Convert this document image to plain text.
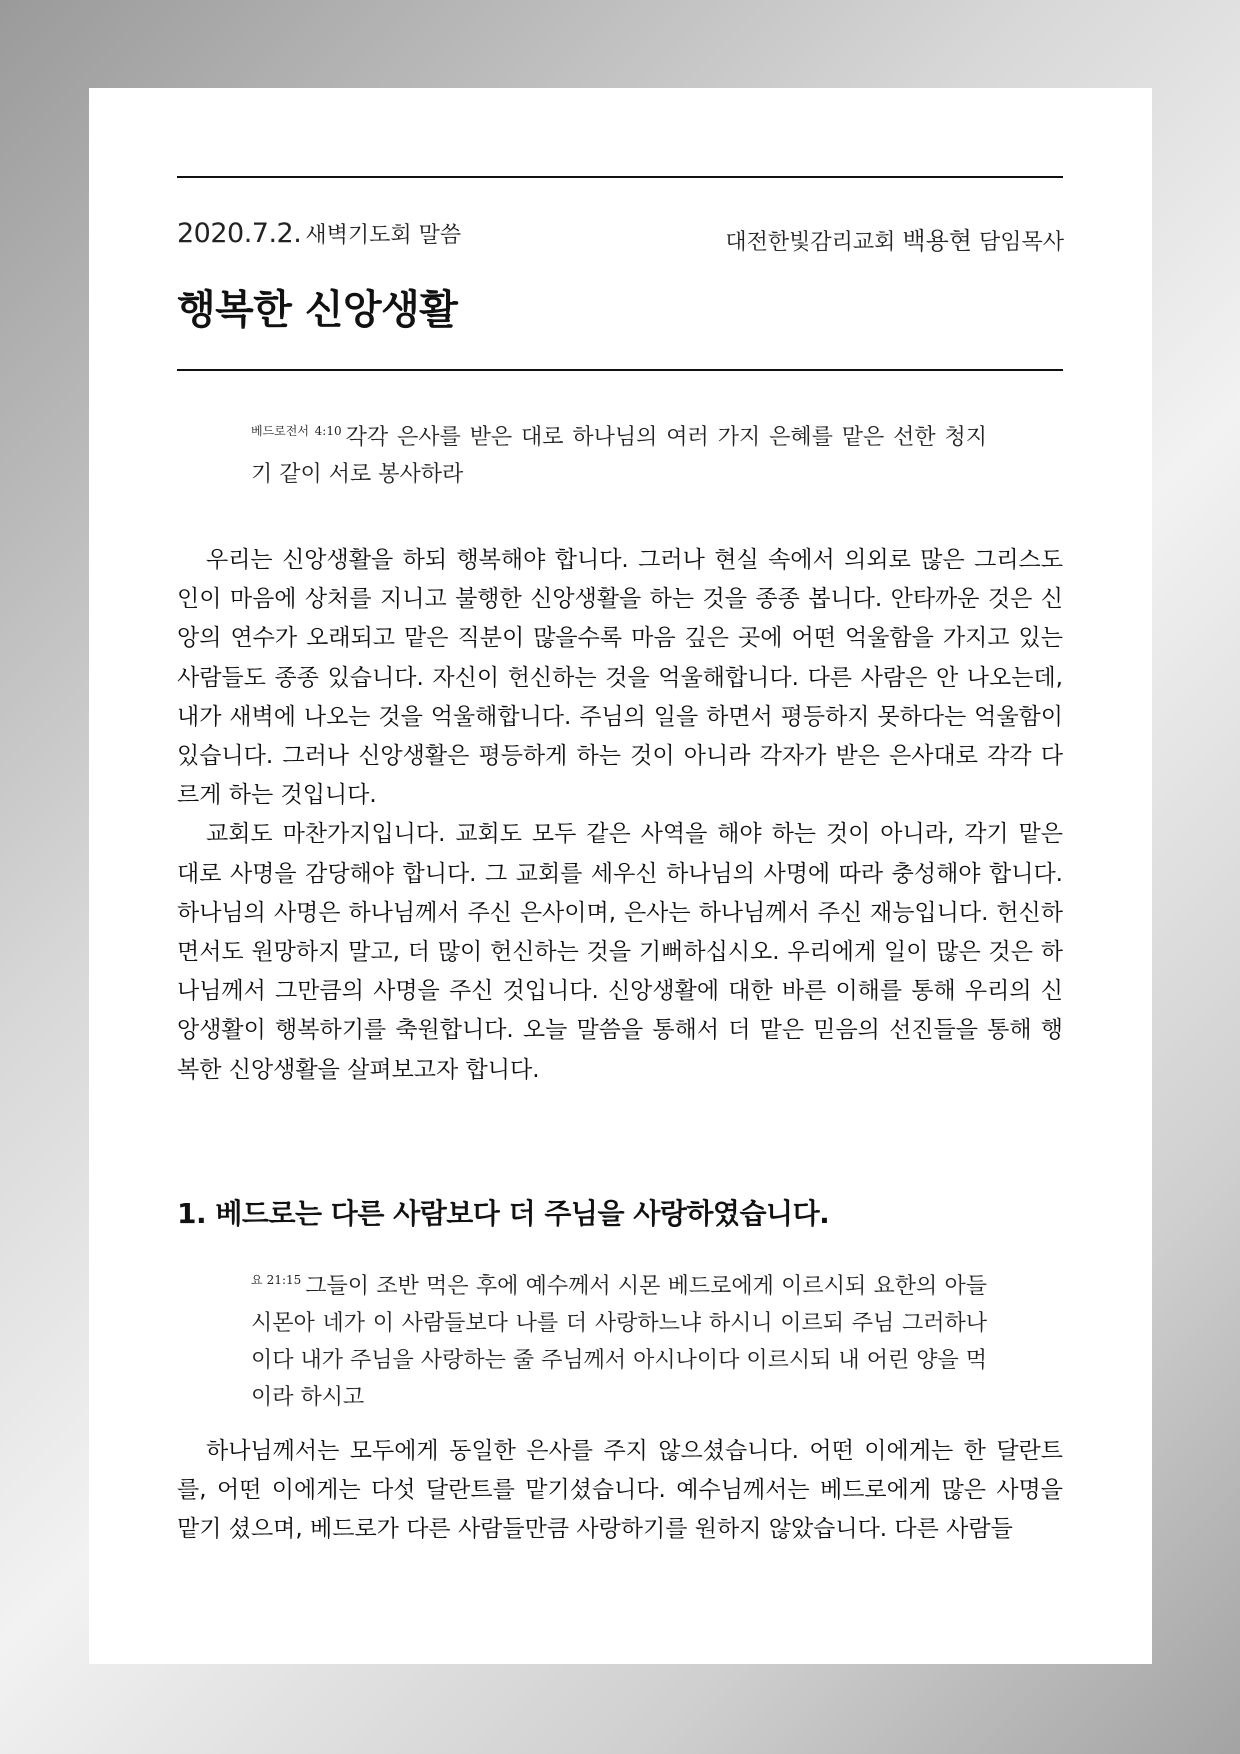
2020.7.2. 새벽기도회 말씀	대전한빛감리교회 백용현 담임목사
행복한 신앙생활
$^{베드로전서 4:10}$ 각각 은사를 받은 대로 하나님의 여러 가지 은혜를 맡은 선한 청지기 같이 서로 봉사하라

우리는 신앙생활을 하되 행복해야 합니다. 그러나 현실 속에서 의외로 많은 그리스도인이 마음에 상처를 지니고 불행한 신앙생활을 하는 것을 종종 봅니다. 안타까운 것은 신앙의 연수가 오래되고 맡은 직분이 많을수록 마음 깊은 곳에 어떤 억울함을 가지고 있는 사람들도 종종 있습니다. 자신이 헌신하는 것을 억울해합니다. 다른 사람은 안 나오는데, 내가 새벽에 나오는 것을 억울해합니다. 주님의 일을 하면서 평등하지 못하다는 억울함이 있습니다. 그러나 신앙생활은 평등하게 하는 것이 아니라 각자가 받은 은사대로 각각 다르게 하는 것입니다.

교회도 마찬가지입니다. 교회도 모두 같은 사역을 해야 하는 것이 아니라, 각기 맡은 대로 사명을 감당해야 합니다. 그 교회를 세우신 하나님의 사명에 따라 충성해야 합니다. 하나님의 사명은 하나님께서 주신 은사이며, 은사는 하나님께서 주신 재능입니다. 헌신하면서도 원망하지 말고, 더 많이 헌신하는 것을 기뻐하십시오. 우리에게 일이 많은 것은 하나님께서 그만큼의 사명을 주신 것입니다. 신앙생활에 대한 바른 이해를 통해 우리의 신앙생활이 행복하기를 축원합니다. 오늘 말씀을 통해서 더 맡은 믿음의 선진들을 통해 행복한 신앙생활을 살펴보고자 합니다.

1. 베드로는 다른 사람보다 더 주님을 사랑하였습니다.
$^{요 21:15}$ 그들이 조반 먹은 후에 예수께서 시몬 베드로에게 이르시되 요한의 아들 시몬아 네가 이 사람들보다 나를 더 사랑하느냐 하시니 이르되 주님 그러하나이다 내가 주님을 사랑하는 줄 주님께서 아시나이다 이르시되 내 어린 양을 먹이라 하시고

하나님께서는 모두에게 동일한 은사를 주지 않으셨습니다. 어떤 이에게는 한 달란트를, 어떤 이에게는 다섯 달란트를 맡기셨습니다. 예수님께서는 베드로에게 많은 사명을 맡기 셨으며, 베드로가 다른 사람들만큼 사랑하기를 원하지 않았습니다. 다른 사람들
